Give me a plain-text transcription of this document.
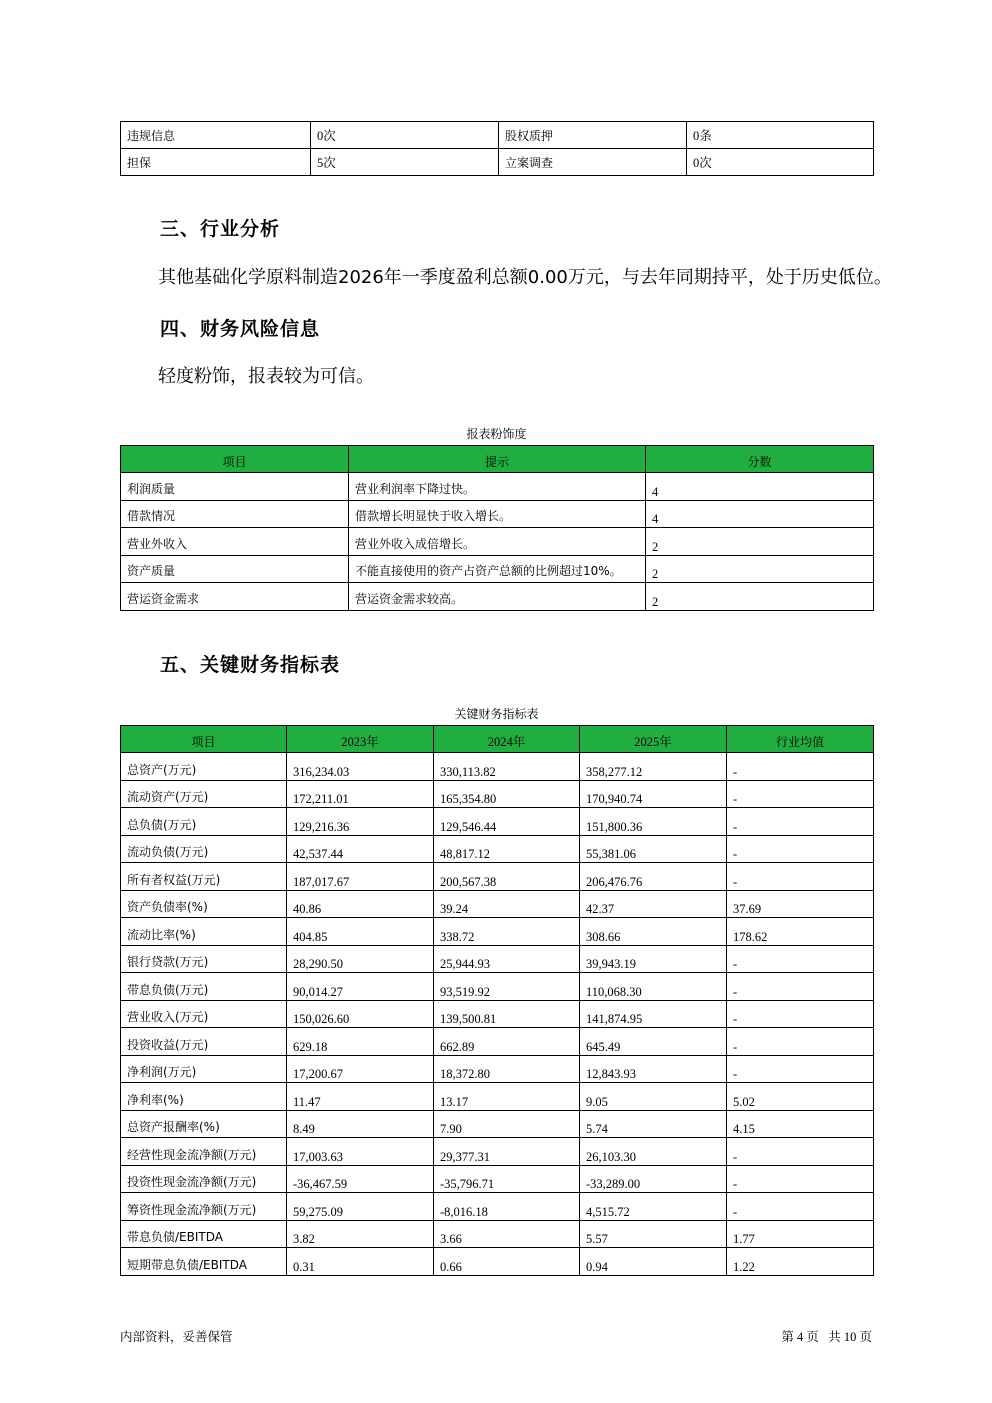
违规信息	0次	股权质押	0条
担保	5次	立案调查	0次
三、行业分析

其他基础化学原料制造2026年一季度盈利总额0.00万元，与去年同期持平，处于历史低位。

四、财务风险信息

轻度粉饰，报表较为可信。

报表粉饰度

项目	提示	分数
利润质量	营业利润率下降过快。	4
借款情况	借款增长明显快于收入增长。	4
营业外收入	营业外收入成倍增长。	2
资产质量	不能直接使用的资产占资产总额的比例超过10%。	2
营运资金需求	营运资金需求较高。	2
五、关键财务指标表

关键财务指标表

项目	2023年	2024年	2025年	行业均值
总资产(万元)	316,234.03	330,113.82	358,277.12	-
流动资产(万元)	172,211.01	165,354.80	170,940.74	-
总负债(万元)	129,216.36	129,546.44	151,800.36	-
流动负债(万元)	42,537.44	48,817.12	55,381.06	-
所有者权益(万元)	187,017.67	200,567.38	206,476.76	-
资产负债率(%)	40.86	39.24	42.37	37.69
流动比率(%)	404.85	338.72	308.66	178.62
银行贷款(万元)	28,290.50	25,944.93	39,943.19	-
带息负债(万元)	90,014.27	93,519.92	110,068.30	-
营业收入(万元)	150,026.60	139,500.81	141,874.95	-
投资收益(万元)	629.18	662.89	645.49	-
净利润(万元)	17,200.67	18,372.80	12,843.93	-
净利率(%)	11.47	13.17	9.05	5.02
总资产报酬率(%)	8.49	7.90	5.74	4.15
经营性现金流净额(万元)	17,003.63	29,377.31	26,103.30	-
投资性现金流净额(万元)	-36,467.59	-35,796.71	-33,289.00	-
筹资性现金流净额(万元)	59,275.09	-8,016.18	4,515.72	-
带息负债/EBITDA	3.82	3.66	5.57	1.77
短期带息负债/EBITDA	0.31	0.66	0.94	1.22

内部资料，妥善保管	第 4 页   共 10 页
